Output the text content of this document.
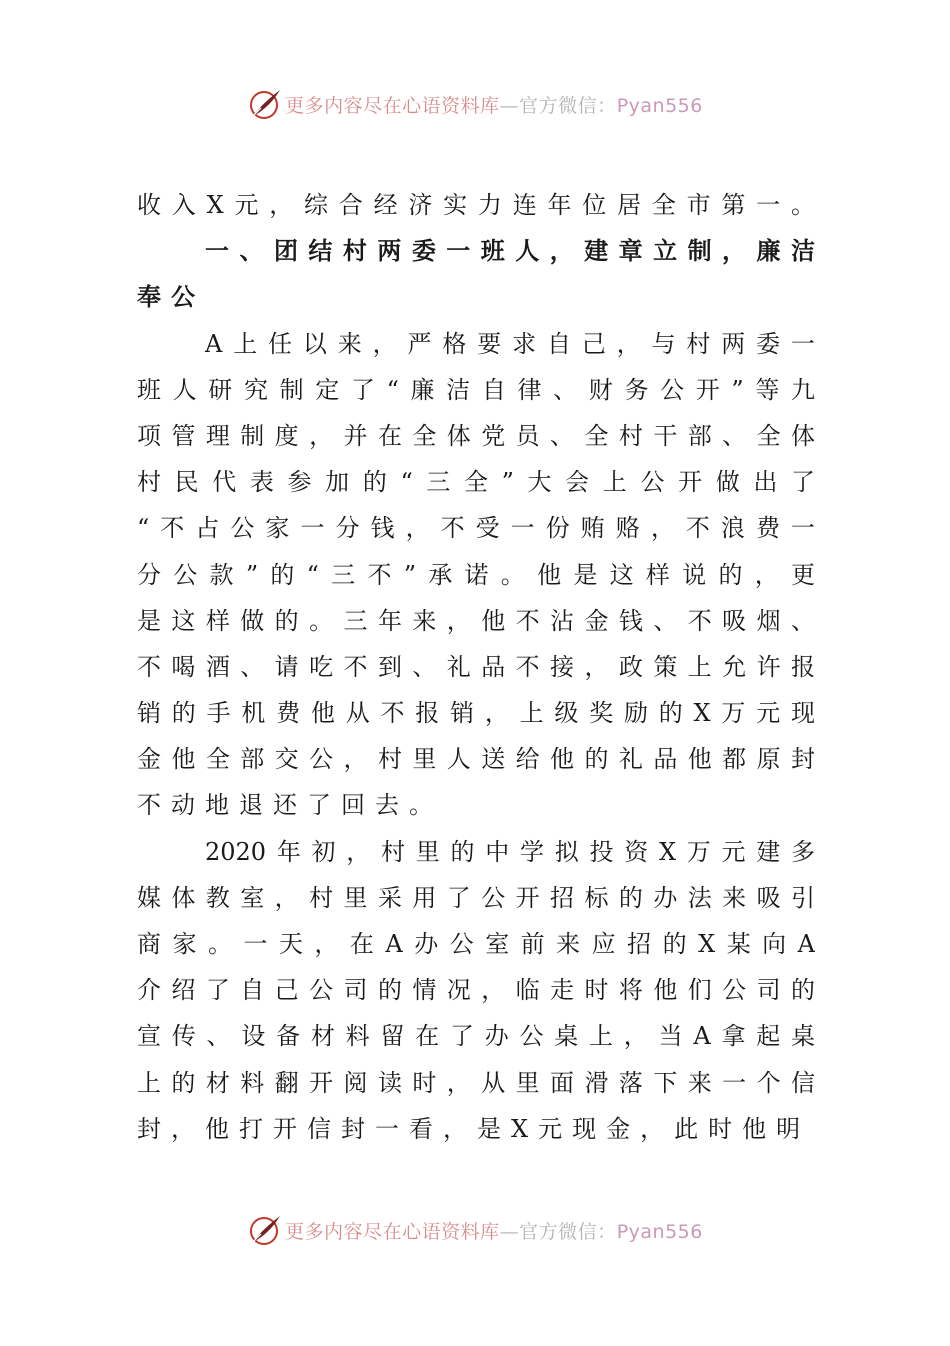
更多内容尽在心语资料库—官方微信：Pyan556
收入X元，综合经济实力连年位居全市第一。
一、团结村两委一班人，建章立制，廉洁
奉公
A上任以来，严格要求自己，与村两委一
班人研究制定了“廉洁自律、财务公开”等九
项管理制度，并在全体党员、全村干部、全体
村民代表参加的“三全”大会上公开做出了
“不占公家一分钱，不受一份贿赂，不浪费一
分公款”的“三不”承诺。他是这样说的，更
是这样做的。三年来，他不沾金钱、不吸烟、
不喝酒、请吃不到、礼品不接，政策上允许报
销的手机费他从不报销，上级奖励的X万元现
金他全部交公，村里人送给他的礼品他都原封
不动地退还了回去。
2020年初，村里的中学拟投资X万元建多
媒体教室，村里采用了公开招标的办法来吸引
商家。一天，在A办公室前来应招的X某向A
介绍了自己公司的情况，临走时将他们公司的
宣传、设备材料留在了办公桌上，当A拿起桌
上的材料翻开阅读时，从里面滑落下来一个信
封，他打开信封一看，是X元现金，此时他明
更多内容尽在心语资料库—官方微信：Pyan556
